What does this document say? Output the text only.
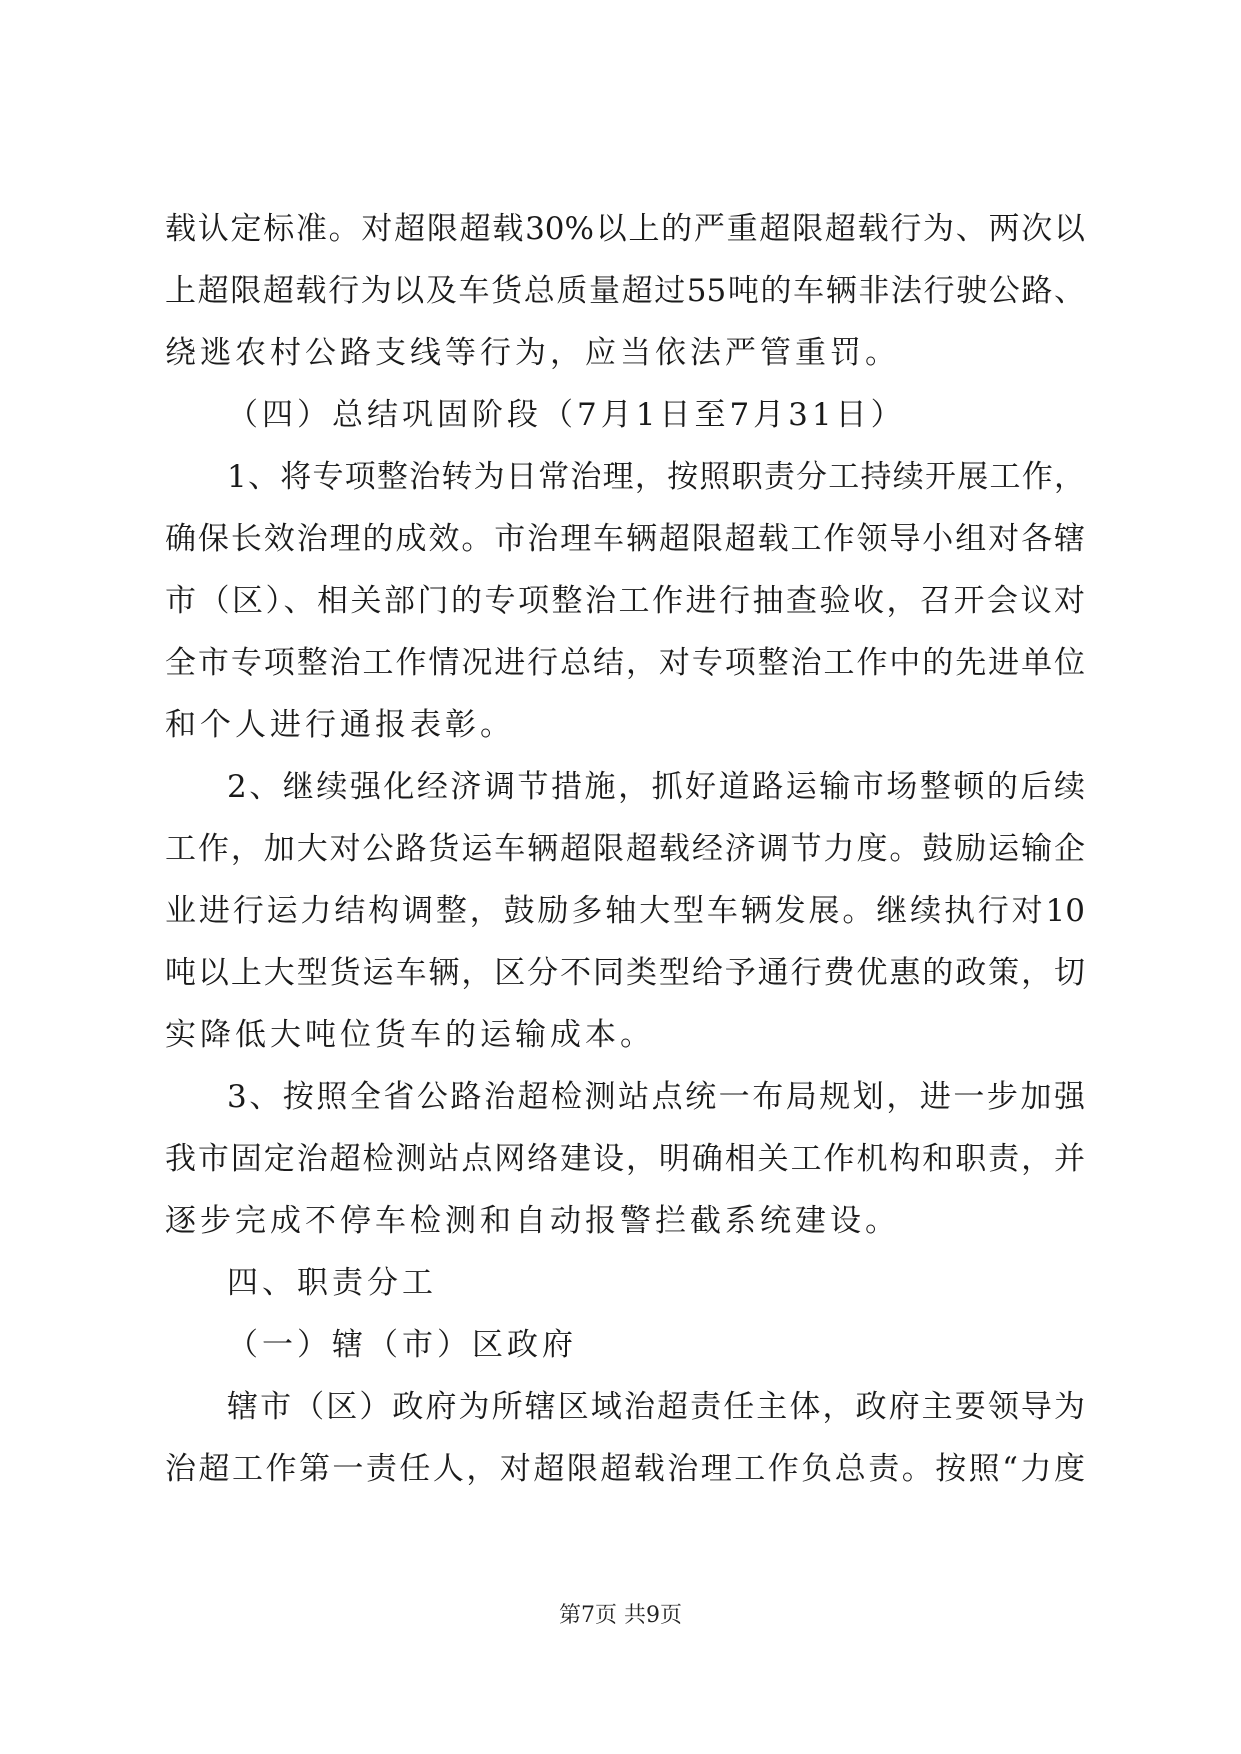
载认定标准。对超限超载30%以上的严重超限超载行为、两次以
上超限超载行为以及车货总质量超过55吨的车辆非法行驶公路、
绕逃农村公路支线等行为，应当依法严管重罚。
（四）总结巩固阶段（7月1日至7月31日）
1、将专项整治转为日常治理，按照职责分工持续开展工作，
确保长效治理的成效。市治理车辆超限超载工作领导小组对各辖
市（区）、相关部门的专项整治工作进行抽查验收，召开会议对
全市专项整治工作情况进行总结，对专项整治工作中的先进单位
和个人进行通报表彰。
2、继续强化经济调节措施，抓好道路运输市场整顿的后续
工作，加大对公路货运车辆超限超载经济调节力度。鼓励运输企
业进行运力结构调整，鼓励多轴大型车辆发展。继续执行对10
吨以上大型货运车辆，区分不同类型给予通行费优惠的政策，切
实降低大吨位货车的运输成本。
3、按照全省公路治超检测站点统一布局规划，进一步加强
我市固定治超检测站点网络建设，明确相关工作机构和职责，并
逐步完成不停车检测和自动报警拦截系统建设。
四、职责分工
（一）辖（市）区政府
辖市（区）政府为所辖区域治超责任主体，政府主要领导为
治超工作第一责任人，对超限超载治理工作负总责。按照“力度
第7页 共9页
